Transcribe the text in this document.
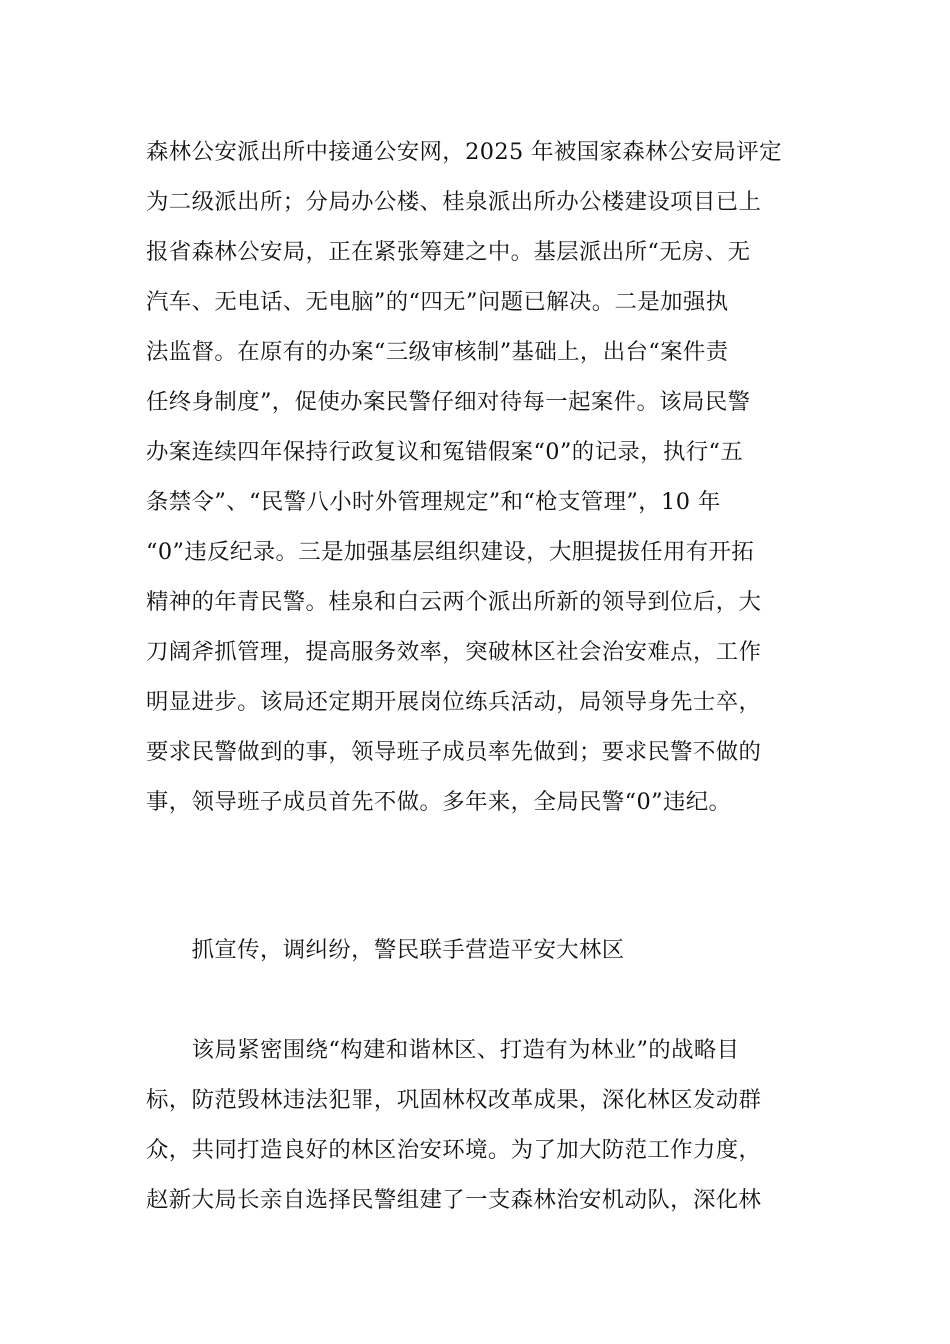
森林公安派出所中接通公安网，2025 年被国家森林公安局评定
为二级派出所；分局办公楼、桂泉派出所办公楼建设项目已上
报省森林公安局，正在紧张筹建之中。基层派出所“无房、无
汽车、无电话、无电脑”的“四无”问题已解决。二是加强执
法监督。在原有的办案“三级审核制”基础上，出台“案件责
任终身制度”，促使办案民警仔细对待每一起案件。该局民警
办案连续四年保持行政复议和冤错假案“0”的记录，执行“五
条禁令”、“民警八小时外管理规定”和“枪支管理”，10 年
“0”违反纪录。三是加强基层组织建设，大胆提拔任用有开拓
精神的年青民警。桂泉和白云两个派出所新的领导到位后，大
刀阔斧抓管理，提高服务效率，突破林区社会治安难点，工作
明显进步。该局还定期开展岗位练兵活动，局领导身先士卒，
要求民警做到的事，领导班子成员率先做到；要求民警不做的
事，领导班子成员首先不做。多年来，全局民警“0”违纪。
　　抓宣传，调纠纷，警民联手营造平安大林区
　　该局紧密围绕“构建和谐林区、打造有为林业”的战略目
标，防范毁林违法犯罪，巩固林权改革成果，深化林区发动群
众，共同打造良好的林区治安环境。为了加大防范工作力度，
赵新大局长亲自选择民警组建了一支森林治安机动队，深化林
